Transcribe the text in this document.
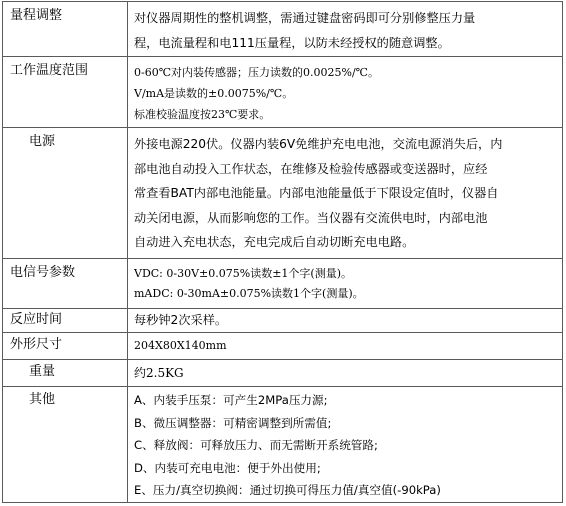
量程调整	对仪器周期性的整机调整，需通过键盘密码即可分别修整压力量
程，电流量程和电111压量程，以防未经授权的随意调整。

工作温度范围	0-60℃对内装传感器；压力读数的0.0025%/℃。
V/mA是读数的±0.0075%/℃。
标准校验温度按23℃要求。

电源	外接电源220伏。仪器内装6V免维护充电电池，交流电源消失后，内
部电池自动投入工作状态，在维修及检验传感器或变送器时，应经
常查看BAT内部电池能量。内部电池能量低于下限设定值时，仪器自
动关闭电源，从而影响您的工作。当仪器有交流供电时，内部电池
自动进入充电状态，充电完成后自动切断充电电路。

电信号参数	VDC: 0-30V±0.075%读数±1个字(测量)。
mADC: 0-30mA±0.075%读数1个字(测量)。

反应时间	每秒钟2次采样。

外形尺寸	204X80X140mm

重量	约2.5KG

其他	A、内装手压泵：可产生2MPa压力源;
B、微压调整器：可精密调整到所需值;
C、释放阀：可释放压力、而无需断开系统管路;
D、内装可充电电池：便于外出使用;
E、压力/真空切换阀：通过切换可得压力值/真空值(-90kPa)
